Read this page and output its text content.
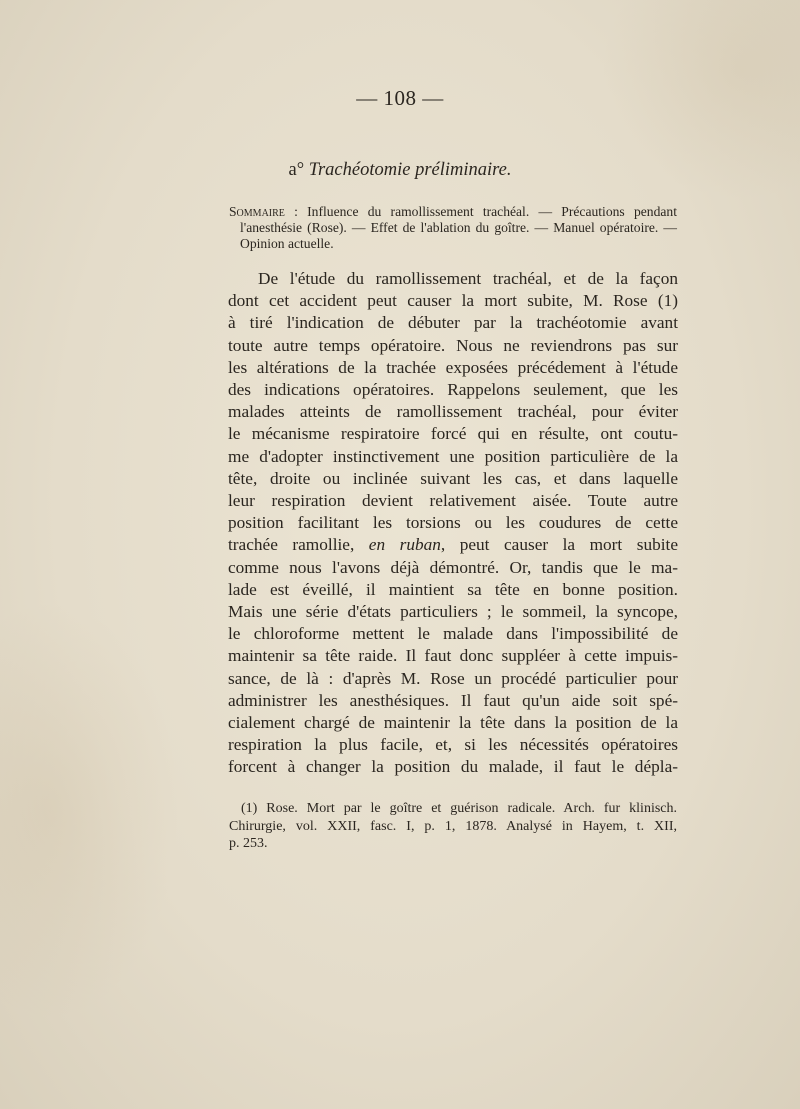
— 108 —
a° Trachéotomie préliminaire.
Sommaire : Influence du ramollissement trachéal. — Précautions pendant
l'anesthésie (Rose). — Effet de l'ablation du goître. — Manuel opératoire. —
Opinion actuelle.
De l'étude du ramollissement trachéal, et de la façon
dont cet accident peut causer la mort subite, M. Rose (1)
à tiré l'indication de débuter par la trachéotomie avant
toute autre temps opératoire. Nous ne reviendrons pas sur
les altérations de la trachée exposées précédement à l'étude
des indications opératoires. Rappelons seulement, que les
malades atteints de ramollissement trachéal, pour éviter
le mécanisme respiratoire forcé qui en résulte, ont coutu-
me d'adopter instinctivement une position particulière de la
tête, droite ou inclinée suivant les cas, et dans laquelle
leur respiration devient relativement aisée. Toute autre
position facilitant les torsions ou les coudures de cette
trachée ramollie, en ruban, peut causer la mort subite
comme nous l'avons déjà démontré. Or, tandis que le ma-
lade est éveillé, il maintient sa tête en bonne position.
Mais une série d'états particuliers ; le sommeil, la syncope,
le chloroforme mettent le malade dans l'impossibilité de
maintenir sa tête raide. Il faut donc suppléer à cette impuis-
sance, de là : d'après M. Rose un procédé particulier pour
administrer les anesthésiques. Il faut qu'un aide soit spé-
cialement chargé de maintenir la tête dans la position de la
respiration la plus facile, et, si les nécessités opératoires
forcent à changer la position du malade, il faut le dépla-
(1) Rose. Mort par le goître et guérison radicale. Arch. fur klinisch.
Chirurgie, vol. XXII, fasc. I, p. 1, 1878. Analysé in Hayem, t. XII,
p. 253.
